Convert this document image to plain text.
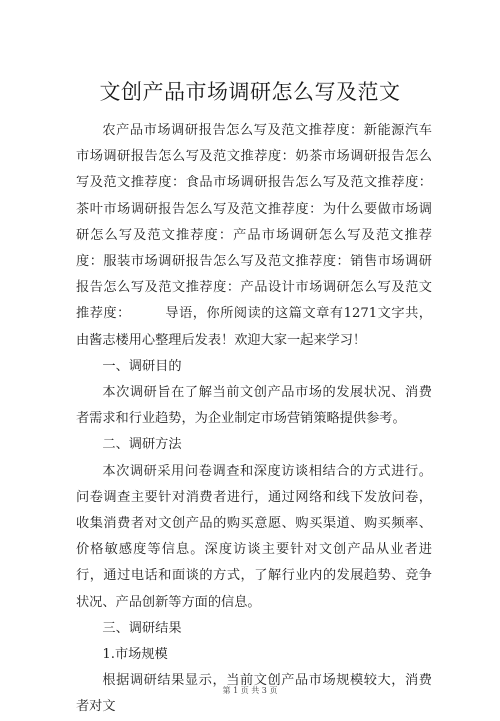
文创产品市场调研怎么写及范文

农产品市场调研报告怎么写及范文推荐度：新能源汽车市场调研报告怎么写及范文推荐度：奶茶市场调研报告怎么写及范文推荐度：食品市场调研报告怎么写及范文推荐度：茶叶市场调研报告怎么写及范文推荐度：为什么要做市场调研怎么写及范文推荐度：产品市场调研怎么写及范文推荐度：服装市场调研报告怎么写及范文推荐度：销售市场调研报告怎么写及范文推荐度：产品设计市场调研怎么写及范文推荐度：　　　导语，你所阅读的这篇文章有1271文字共，由酱志楼用心整理后发表！欢迎大家一起来学习！

一、调研目的

本次调研旨在了解当前文创产品市场的发展状况、消费者需求和行业趋势，为企业制定市场营销策略提供参考。

二、调研方法

本次调研采用问卷调查和深度访谈相结合的方式进行。问卷调查主要针对消费者进行，通过网络和线下发放问卷，收集消费者对文创产品的购买意愿、购买渠道、购买频率、价格敏感度等信息。深度访谈主要针对文创产品从业者进行，通过电话和面谈的方式，了解行业内的发展趋势、竞争状况、产品创新等方面的信息。

三、调研结果

1.市场规模

根据调研结果显示，当前文创产品市场规模较大，消费者对文

第 1 页 共 3 页
